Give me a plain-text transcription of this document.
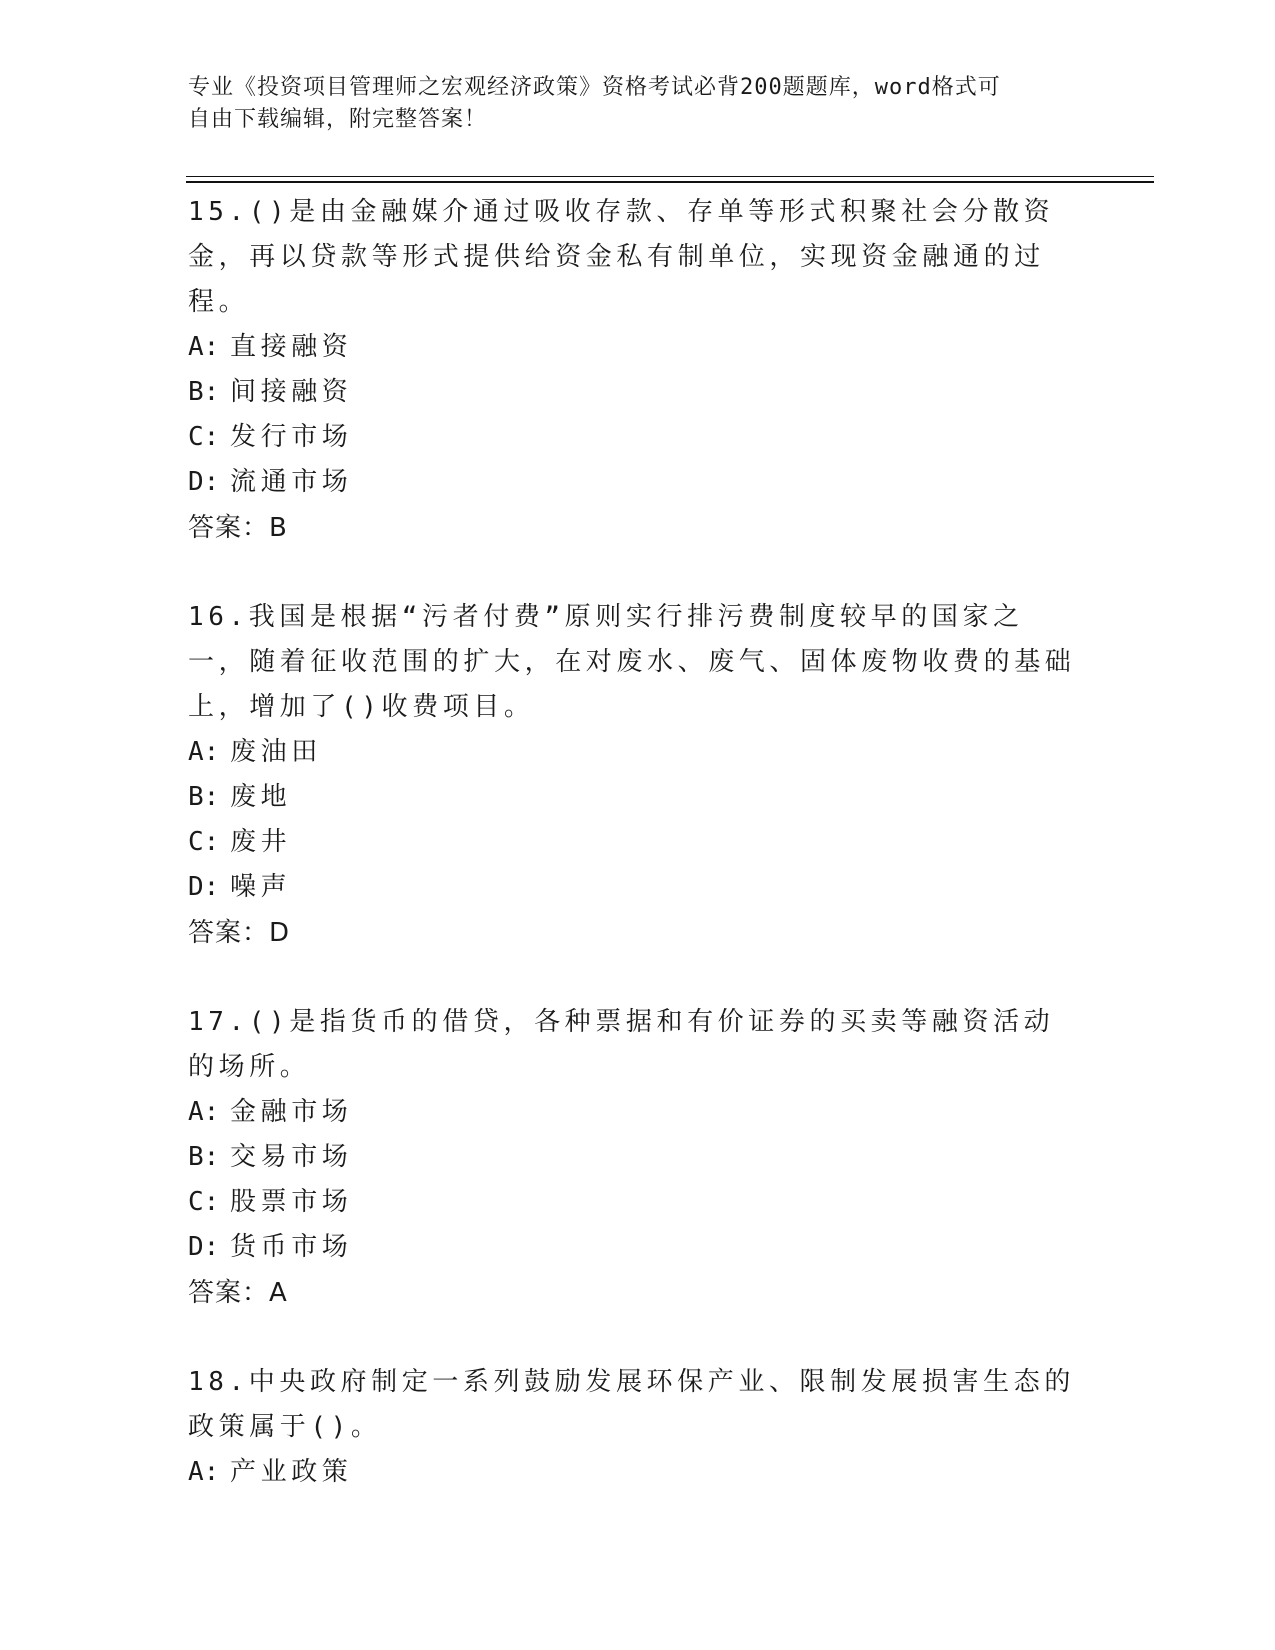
专业《投资项目管理师之宏观经济政策》资格考试必背200题题库，word格式可
自由下载编辑，附完整答案！

15.()是由金融媒介通过吸收存款、存单等形式积聚社会分散资金，再以贷款等形式提供给资金私有制单位，实现资金融通的过程。

A: 直接融资

B: 间接融资

C: 发行市场

D: 流通市场

答案：B

16.我国是根据“污者付费”原则实行排污费制度较早的国家之一，随着征收范围的扩大，在对废水、废气、固体废物收费的基础上，增加了()收费项目。

A: 废油田

B: 废地

C: 废井

D: 噪声

答案：D

17.()是指货币的借贷，各种票据和有价证券的买卖等融资活动的场所。

A: 金融市场

B: 交易市场

C: 股票市场

D: 货币市场

答案：A

18.中央政府制定一系列鼓励发展环保产业、限制发展损害生态的政策属于()。

A: 产业政策
